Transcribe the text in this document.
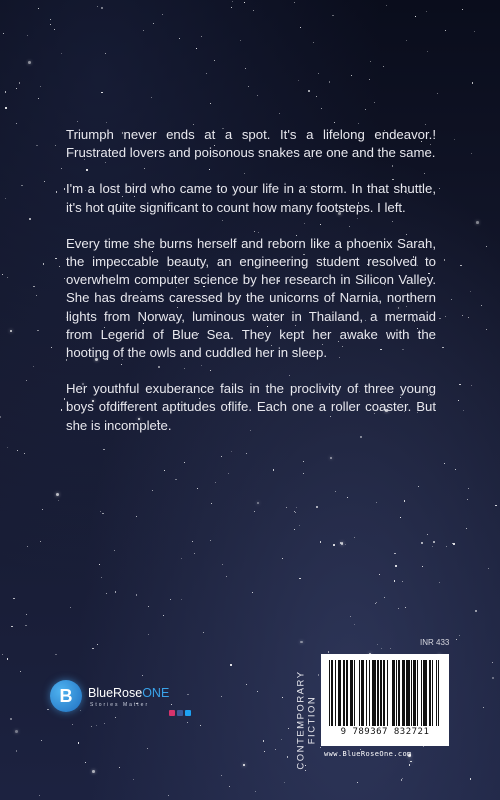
Triumph never ends at a spot. It's a lifelong endeavor.! Frustrated lovers and poisonous snakes are one and the same.

I'm a lost bird who came to your life in a storm. In that shuttle, it's hot quite significant to count how many footsteps. I left.

Every time she burns herself and reborn like a phoenix Sarah, the impeccable beauty, an engineering student resolved to overwhelm computer science by her research in Silicon Valley. She has dreams caressed by the unicorns of Narnia, northern lights from Norway, luminous water in Thailand, a mermaid from Legerid of Blue Sea. They kept her awake with the hooting of the owls and cuddled her in sleep.

Her youthful exuberance fails in the proclivity of three young boys ofdifferent aptitudes oflife. Each one a roller coaster. But she is incomplete.

INR 433
CONTEMPORARY FICTION	9 789367 832721
www.BlueRoseOne.com
B BlueRoseONE
Stories Matter
